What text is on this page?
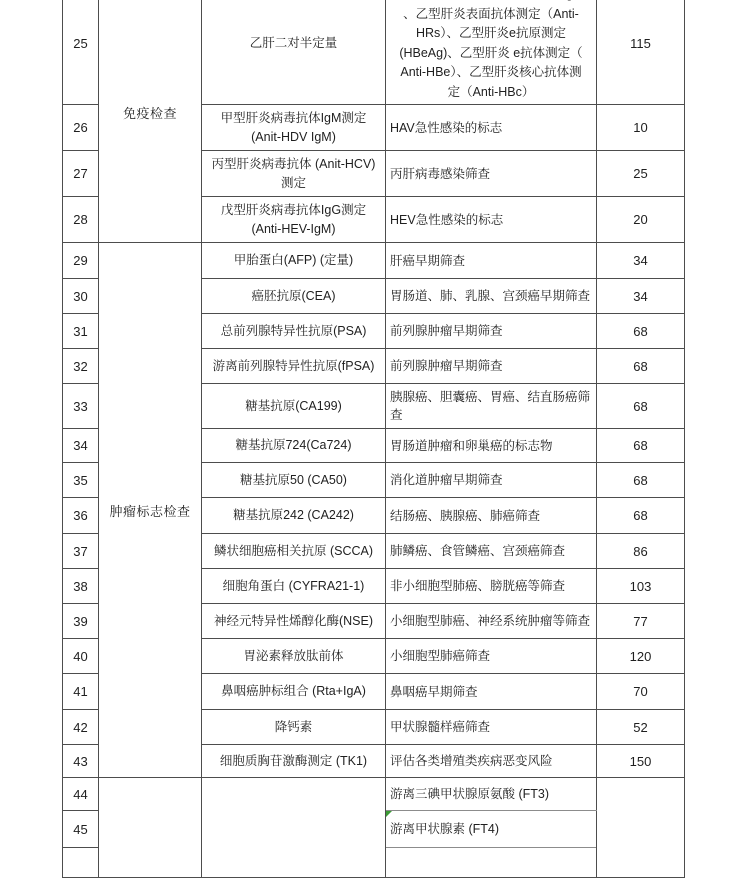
25	免疫检查	乙肝二对半定量	
、乙型肝炎表面抗体测定（Anti-
HRs）、乙型肝炎e抗原测定
(HBeAg)、乙型肝炎 e抗体测定（
Anti-HBe）、乙型肝炎核心抗体测
定（Anti-HBc）
	115
26		甲型肝炎病毒抗体IgM测定
(Anit-HDV IgM)	HAV急性感染的标志	10
27		丙型肝炎病毒抗体 (Anit-HCV)
测定	丙肝病毒感染筛查	25
28		戊型肝炎病毒抗体IgG测定
(Anti-HEV-IgM)	HEV急性感染的标志	20
29	肿瘤标志检查	甲胎蛋白(AFP) (定量)	肝癌早期筛查	34
30		癌胚抗原(CEA)	胃肠道、肺、乳腺、宫颈癌早期筛查	34
31		总前列腺特异性抗原(PSA)	前列腺肿瘤早期筛查	68
32		游离前列腺特异性抗原(fPSA)	前列腺肿瘤早期筛查	68
33		糖基抗原(CA199)	胰腺癌、胆囊癌、胃癌、结直肠癌筛查	68
34		糖基抗原724(Ca724)	胃肠道肿瘤和卵巢癌的标志物	68
35		糖基抗原50 (CA50)	消化道肿瘤早期筛查	68
36		糖基抗原242 (CA242)	结肠癌、胰腺癌、肺癌筛查	68
37		鳞状细胞癌相关抗原 (SCCA)	肺鳞癌、食管鳞癌、宫颈癌筛查	86
38		细胞角蛋白 (CYFRA21-1)	非小细胞型肺癌、膀胱癌等筛查	103
39		神经元特异性烯醇化酶(NSE)	小细胞型肺癌、神经系统肿瘤等筛查	77
40		胃泌素释放肽前体	小细胞型肺癌筛查	120
41		鼻咽癌肿标组合 (Rta+IgA)	鼻咽癌早期筛查	70
42		降钙素	甲状腺髓样癌筛查	52
43		细胞质胸苷激酶测定 (TK1)	评估各类增殖类疾病恶变风险	150
44			游离三碘甲状腺原氨酸 (FT3)	
45			游离甲状腺素 (FT4)	
